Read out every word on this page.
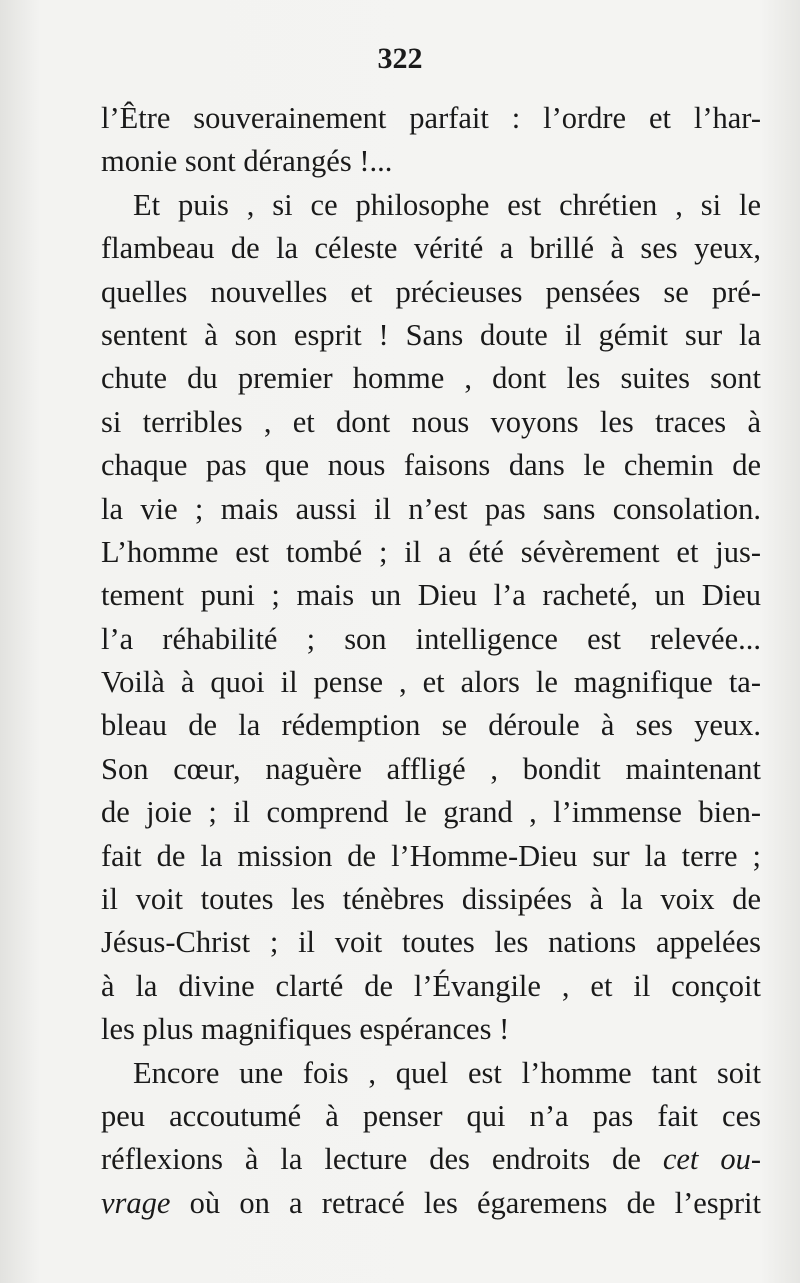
322
l’Être souverainement parfait : l’ordre et l’har-
monie sont dérangés !...
Et puis , si ce philosophe est chrétien , si le
flambeau de la céleste vérité a brillé à ses yeux,
quelles nouvelles et précieuses pensées se pré-
sentent à son esprit ! Sans doute il gémit sur la
chute du premier homme , dont les suites sont
si terribles , et dont nous voyons les traces à
chaque pas que nous faisons dans le chemin de
la vie ; mais aussi il n’est pas sans consolation.
L’homme est tombé ; il a été sévèrement et jus-
tement puni ; mais un Dieu l’a racheté, un Dieu
l’a réhabilité ; son intelligence est relevée...
Voilà à quoi il pense , et alors le magnifique ta-
bleau de la rédemption se déroule à ses yeux.
Son cœur, naguère affligé , bondit maintenant
de joie ; il comprend le grand , l’immense bien-
fait de la mission de l’Homme-Dieu sur la terre ;
il voit toutes les ténèbres dissipées à la voix de
Jésus-Christ ; il voit toutes les nations appelées
à la divine clarté de l’Évangile , et il conçoit
les plus magnifiques espérances !
Encore une fois , quel est l’homme tant soit
peu accoutumé à penser qui n’a pas fait ces
réflexions à la lecture des endroits de cet ou-
vrage où on a retracé les égaremens de l’esprit
